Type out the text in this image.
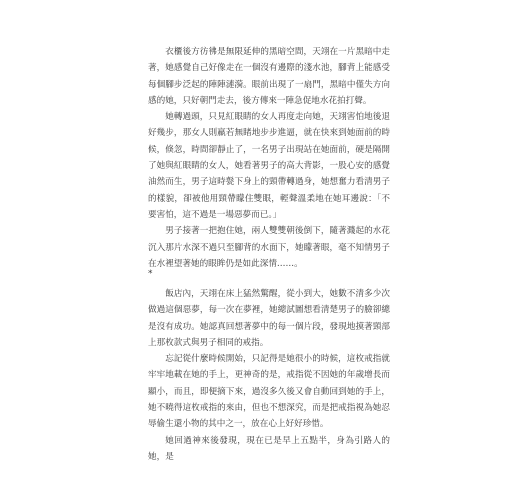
衣櫃後方彷彿是無限延伸的黑暗空間，天翊在一片黑暗中走著，她感覺自己好像走在一個沒有邊際的淺水池，腳背上能感受每個腳步泛起的陣陣漣漪。眼前出現了一扇門，黑暗中僅失方向感的她，只好朝門走去，後方傳來一陣急促地水花拍打聲。

她轉過頭，只見紅眼睛的女人再度走向她，天翊害怕地後退好幾步，那女人則羸若無睹地步步進逼，就在快來到她面前的時候，倏忽，時間卻靜止了，一名男子出現站在她面前，硬是隔開了她與紅眼睛的女人，她看著男子的高大背影，一股心安的感覺油然而生，男子這時甏下身上的頸帶轉過身，她想奮力看清男子的樣貌，卻被他用頸帶矇住雙眼，輕聲溫柔地在她耳邊說：「不要害怕，這不過是一場惡夢而已。」

男子接著一把抱住她，兩人雙雙朝後倒下，隨著濺起的水花沉入那片水深不過只至腳背的水面下，她矇著眼，毫不知情男子在水裡望著她的眼眸仍是如此深情……。

*

飯店內，天翊在床上猛然驚醒，從小到大，她數不清多少次做過這個惡夢，每一次在夢裡，她總試圖想看清楚男子的臉卻總是沒有成功。她認真回想著夢中的每一個片段，發現地摸著頸部上那枚款式與男子相同的戒指。

忘記從什麼時候開始，只記得是她很小的時候，這枚戒指就牢牢地載在她的手上，更神奇的是，戒指從不因她的年歲增長而顯小，而且，即便摘下來，過沒多久後又會自動回到她的手上，她不曉得這枚戒指的來由，但也不想深究，而是把戒指視為她忍辱偷生還小物的其中之一，放在心上好好珍惜。

她回過神來後發現，現在已是早上五點半，身為引路人的她，是
